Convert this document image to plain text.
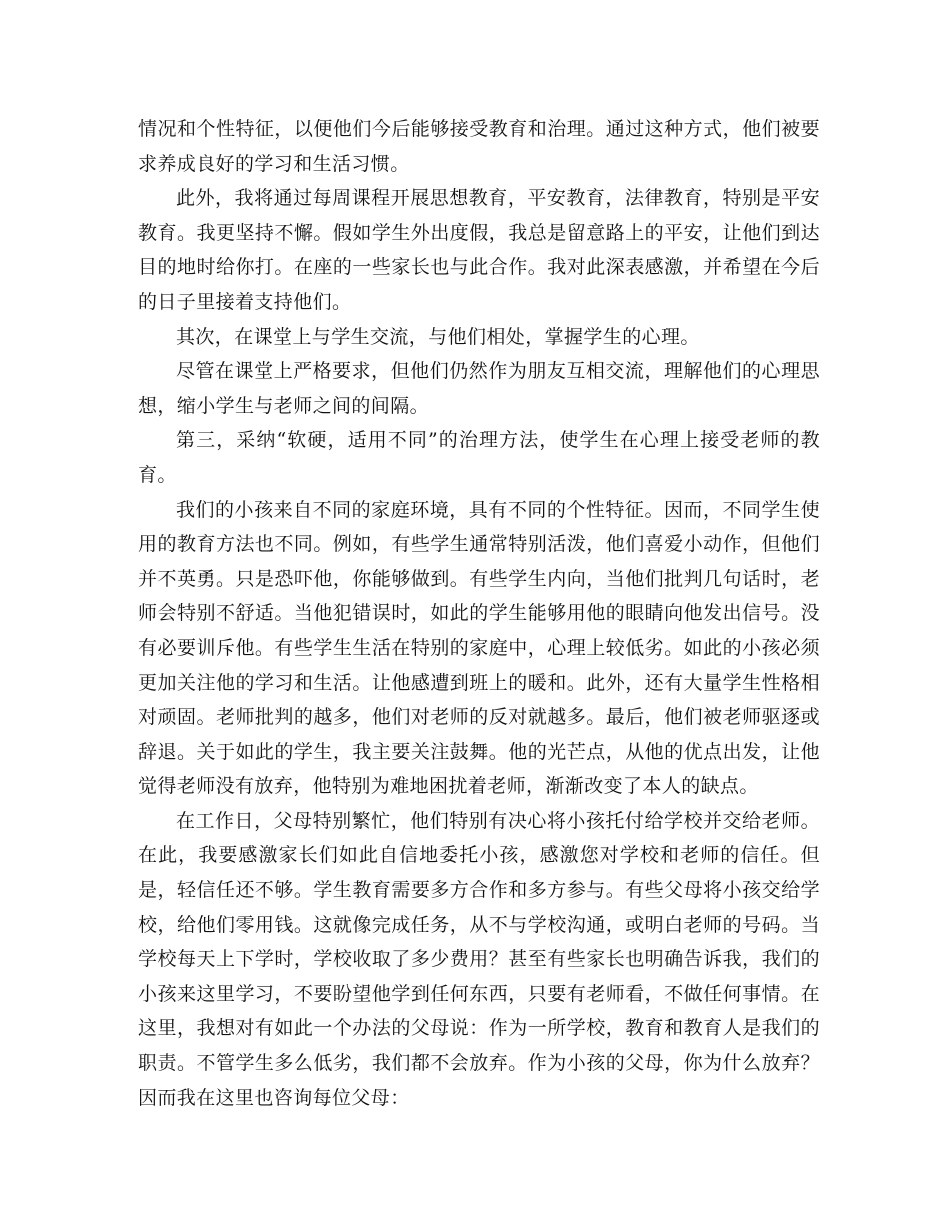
情况和个性特征，以便他们今后能够接受教育和治理。通过这种方式，他们被要求养成良好的学习和生活习惯。

此外，我将通过每周课程开展思想教育，平安教育，法律教育，特别是平安教育。我更坚持不懈。假如学生外出度假，我总是留意路上的平安，让他们到达目的地时给你打。在座的一些家长也与此合作。我对此深表感激，并希望在今后的日子里接着支持他们。

其次，在课堂上与学生交流，与他们相处，掌握学生的心理。

尽管在课堂上严格要求，但他们仍然作为朋友互相交流，理解他们的心理思想，缩小学生与老师之间的间隔。

第三，采纳“软硬，适用不同”的治理方法，使学生在心理上接受老师的教育。

我们的小孩来自不同的家庭环境，具有不同的个性特征。因而，不同学生使用的教育方法也不同。例如，有些学生通常特别活泼，他们喜爱小动作，但他们并不英勇。只是恐吓他，你能够做到。有些学生内向，当他们批判几句话时，老师会特别不舒适。当他犯错误时，如此的学生能够用他的眼睛向他发出信号。没有必要训斥他。有些学生生活在特别的家庭中，心理上较低劣。如此的小孩必须更加关注他的学习和生活。让他感遭到班上的暖和。此外，还有大量学生性格相对顽固。老师批判的越多，他们对老师的反对就越多。最后，他们被老师驱逐或辞退。关于如此的学生，我主要关注鼓舞。他的光芒点，从他的优点出发，让他觉得老师没有放弃，他特别为难地困扰着老师，渐渐改变了本人的缺点。

在工作日，父母特别繁忙，他们特别有决心将小孩托付给学校并交给老师。在此，我要感激家长们如此自信地委托小孩，感激您对学校和老师的信任。但是，轻信任还不够。学生教育需要多方合作和多方参与。有些父母将小孩交给学校，给他们零用钱。这就像完成任务，从不与学校沟通，或明白老师的号码。当学校每天上下学时，学校收取了多少费用？甚至有些家长也明确告诉我，我们的小孩来这里学习，不要盼望他学到任何东西，只要有老师看，不做任何事情。在这里，我想对有如此一个办法的父母说：作为一所学校，教育和教育人是我们的职责。不管学生多么低劣，我们都不会放弃。作为小孩的父母，你为什么放弃？因而我在这里也咨询每位父母：
